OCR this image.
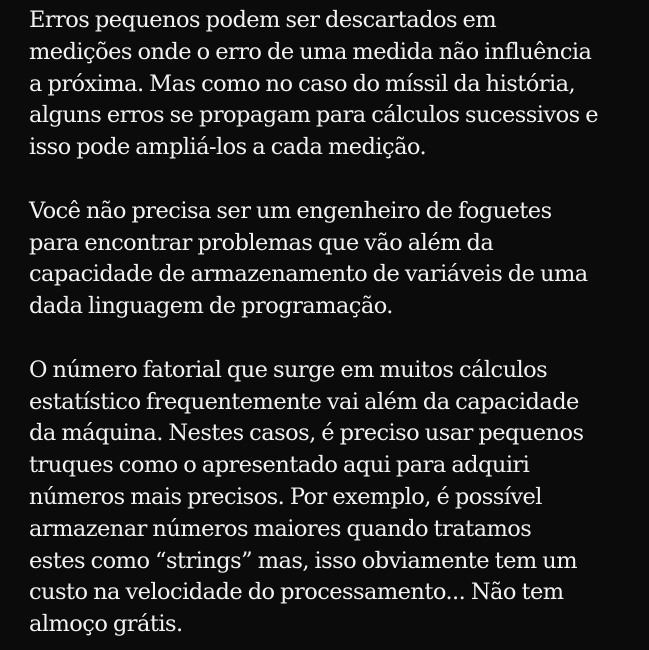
Erros pequenos podem ser descartados em
medições onde o erro de uma medida não influência
a próxima. Mas como no caso do míssil da história,
alguns erros se propagam para cálculos sucessivos e
isso pode ampliá-los a cada medição.

Você não precisa ser um engenheiro de foguetes
para encontrar problemas que vão além da
capacidade de armazenamento de variáveis de uma
dada linguagem de programação.

O número fatorial que surge em muitos cálculos
estatístico frequentemente vai além da capacidade
da máquina. Nestes casos, é preciso usar pequenos
truques como o apresentado aqui para adquiri
números mais precisos. Por exemplo, é possível
armazenar números maiores quando tratamos
estes como “strings” mas, isso obviamente tem um
custo na velocidade do processamento... Não tem
almoço grátis.
